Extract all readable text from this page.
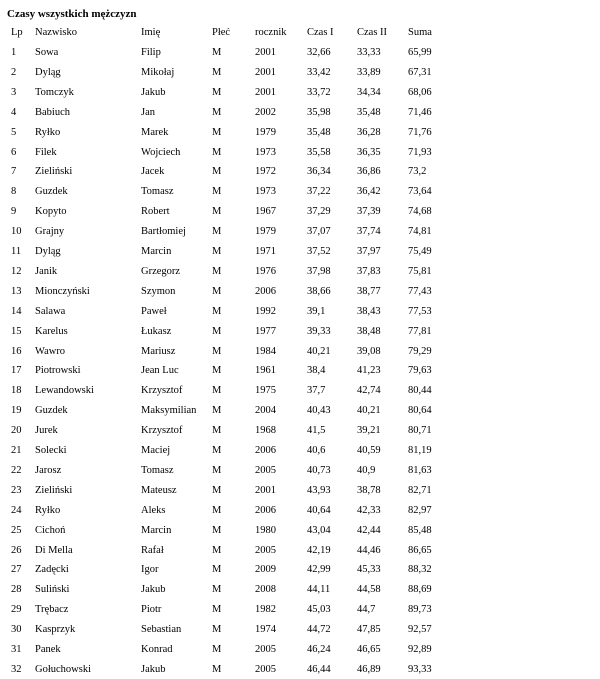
Czasy wszystkich mężczyzn
Lp Nazwisko	Imię	Płeć rocznik Czas I Czas II Suma
1 Sowa	Filip	M	2001	32,66	33,33	65,99
2 Dyląg	Mikołaj	M	2001	33,42	33,89	67,31
3 Tomczyk	Jakub	M	2001	33,72	34,34	68,06
4 Babiuch	Jan	M	2002	35,98	35,48	71,46
5 Ryłko	Marek	M	1979	35,48	36,28	71,76
6 Filek	Wojciech	M	1973	35,58	36,35	71,93
7 Zieliński	Jacek	M	1972	36,34	36,86	73,2
8 Guzdek	Tomasz	M	1973	37,22	36,42	73,64
9 Kopyto	Robert	M	1967	37,29	37,39	74,68
10 Grajny	Bartłomiej M	1979	37,07	37,74	74,81
11 Dyląg	Marcin	M	1971	37,52	37,97	75,49
12 Janik	Grzegorz	M	1976	37,98	37,83	75,81
13 Mionczyński	Szymon	M	2006	38,66	38,77	77,43
14 Salawa	Paweł	M	1992	39,1	38,43	77,53
15 Karelus	Łukasz	M	1977	39,33	38,48	77,81
16 Wawro	Mariusz	M	1984	40,21	39,08	79,29
17 Piotrowski	Jean Luc	M	1961	38,4	41,23	79,63
18 Lewandowski	Krzysztof	M	1975	37,7	42,74	80,44
19 Guzdek	Maksymilian M	2004	40,43	40,21	80,64
20 Jurek	Krzysztof	M	1968	41,5	39,21	80,71
21 Solecki	Maciej	M	2006	40,6	40,59	81,19
22 Jarosz	Tomasz	M	2005	40,73	40,9	81,63
23 Zieliński	Mateusz	M	2001	43,93	38,78	82,71
24 Ryłko	Aleks	M	2006	40,64	42,33	82,97
25 Cichoń	Marcin	M	1980	43,04	42,44	85,48
26 Di Mella	Rafał	M	2005	42,19	44,46	86,65
27 Zadęcki	Igor	M	2009	42,99	45,33	88,32
28 Suliński	Jakub	M	2008	44,11	44,58	88,69
29 Trębacz	Piotr	M	1982	45,03	44,7	89,73
30 Kasprzyk	Sebastian	M	1974	44,72	47,85	92,57
31 Panek	Konrad	M	2005	46,24	46,65	92,89
32 Gołuchowski	Jakub	M	2005	46,44	46,89	93,33
